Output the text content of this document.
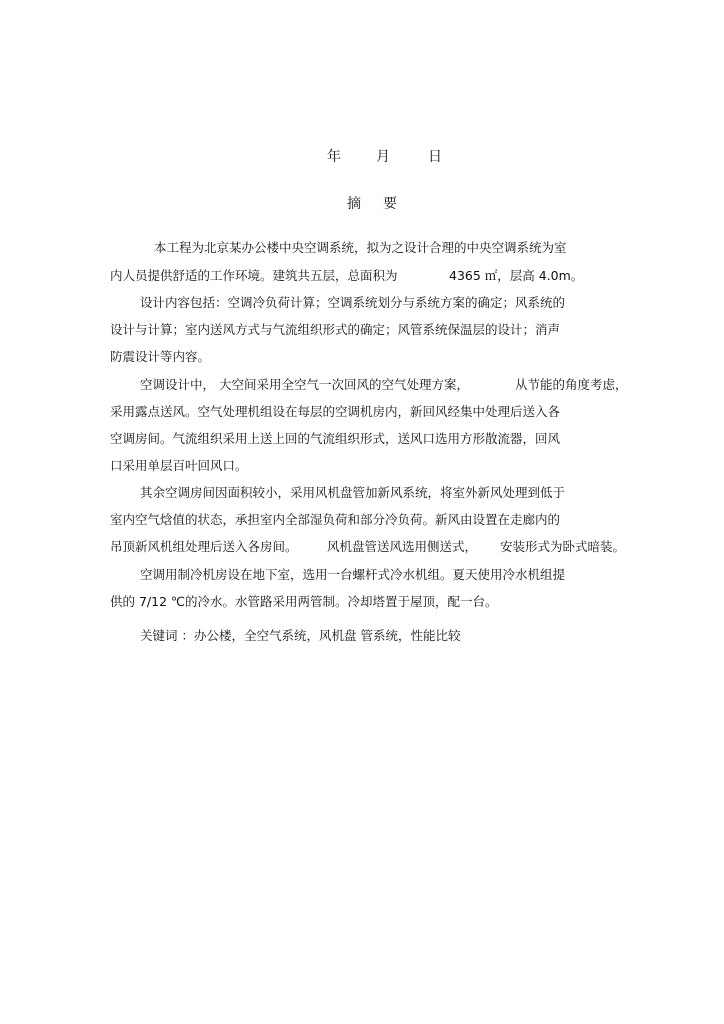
年	月	日
摘 要
本工程为北京某办公楼中央空调系统，拟为之设计合理的中央空调系统为室
内人员提供舒适的工作环境。建筑共五层，总面积为	4365 ㎡，层高 4.0m。
设计内容包括：空调冷负荷计算；空调系统划分与系统方案的确定；风系统的
设计与计算；室内送风方式与气流组织形式的确定；风管系统保温层的设计；消声
防震设计等内容。
空调设计中， 大空间采用全空气一次回风的空气处理方案，	从节能的角度考虑，
采用露点送风。空气处理机组设在每层的空调机房内，新回风经集中处理后送入各
空调房间。气流组织采用上送上回的气流组织形式，送风口选用方形散流器，回风
口采用单层百叶回风口。
其余空调房间因面积较小，采用风机盘管加新风系统，将室外新风处理到低于
室内空气焓值的状态，承担室内全部湿负荷和部分冷负荷。新风由设置在走廊内的
吊顶新风机组处理后送入各房间。 风机盘管送风选用侧送式， 安装形式为卧式暗装。
空调用制冷机房设在地下室，选用一台螺杆式冷水机组。夏天使用冷水机组提
供的 7/12 ℃的冷水。水管路采用两管制。冷却塔置于屋顶，配一台。
关键词 ：办公楼，全空气系统，风机盘 管系统，性能比较
